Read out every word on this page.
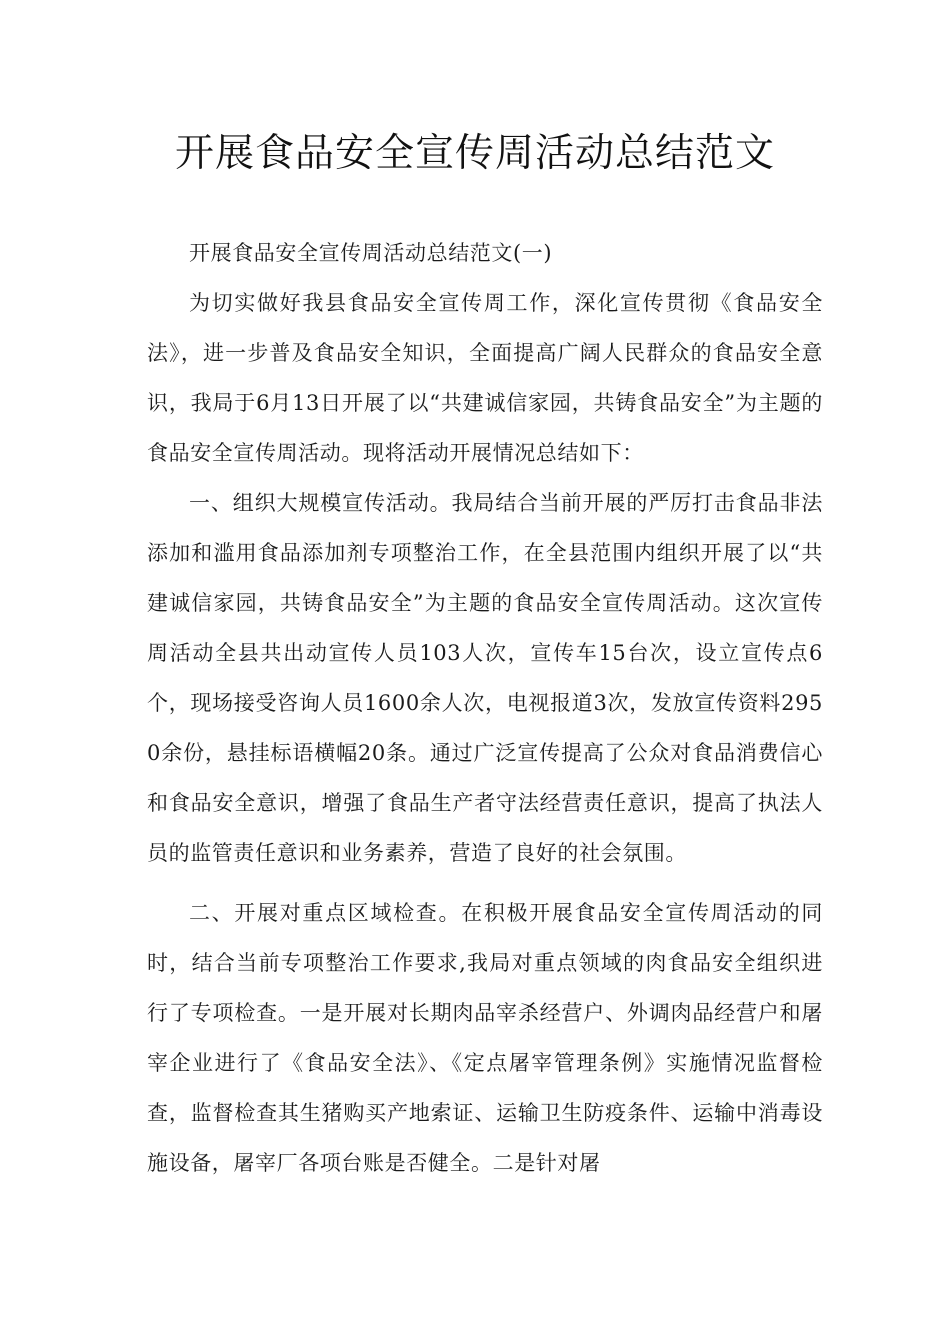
开展食品安全宣传周活动总结范文

开展食品安全宣传周活动总结范文(一)

为切实做好我县食品安全宣传周工作，深化宣传贯彻《食品安全法》，进一步普及食品安全知识，全面提高广阔人民群众的食品安全意识，我局于6月13日开展了以“共建诚信家园，共铸食品安全”为主题的食品安全宣传周活动。现将活动开展情况总结如下：

一、组织大规模宣传活动。我局结合当前开展的严厉打击食品非法添加和滥用食品添加剂专项整治工作，在全县范围内组织开展了以“共建诚信家园，共铸食品安全”为主题的食品安全宣传周活动。这次宣传周活动全县共出动宣传人员103人次，宣传车15台次，设立宣传点6个，现场接受咨询人员1600余人次，电视报道3次，发放宣传资料2950余份，悬挂标语横幅20条。通过广泛宣传提高了公众对食品消费信心和食品安全意识，增强了食品生产者守法经营责任意识，提高了执法人员的监管责任意识和业务素养，营造了良好的社会氛围。

二、开展对重点区域检查。在积极开展食品安全宣传周活动的同时，结合当前专项整治工作要求,我局对重点领域的肉食品安全组织进行了专项检查。一是开展对长期肉品宰杀经营户、外调肉品经营户和屠宰企业进行了《食品安全法》、《定点屠宰管理条例》实施情况监督检查，监督检查其生猪购买产地索证、运输卫生防疫条件、运输中消毒设施设备，屠宰厂各项台账是否健全。二是针对屠
